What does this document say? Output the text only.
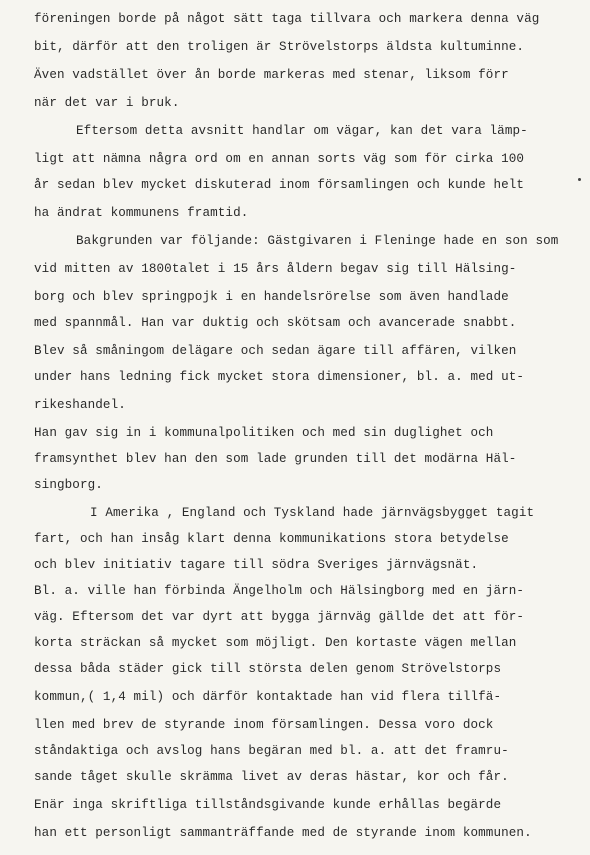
föreningen borde på något sätt taga tillvara och markera denna väg
bit, därför att den troligen är Strövelstorps äldsta kultuminne.
Även vadstället över ån borde markeras med stenar, liksom förr
när det var i bruk.
Eftersom detta avsnitt handlar om vägar, kan det vara lämp-
ligt att nämna några ord om en annan sorts väg som för cirka 100
år sedan blev mycket diskuterad inom församlingen och kunde helt
ha ändrat kommunens framtid.
Bakgrunden var följande: Gästgivaren i Fleninge hade en son som
vid mitten av 1800talet i 15 års åldern begav sig till Hälsing-
borg och blev springpojk i en handelsrörelse som även handlade
med spannmål. Han var duktig och skötsam och avancerade snabbt.
Blev så småningom delägare och sedan ägare till affären, vilken
under hans ledning fick mycket stora dimensioner, bl. a. med ut-
rikeshandel.
Han gav sig in i kommunalpolitiken och med sin duglighet och
framsynthet blev han den som lade grunden till det modärna Häl-
singborg.
I Amerika , England och Tyskland hade järnvägsbygget tagit
fart, och han insåg klart denna kommunikations stora betydelse
och blev initiativ tagare till södra Sveriges järnvägsnät.
Bl. a. ville han förbinda Ängelholm och Hälsingborg med en järn-
väg. Eftersom det var dyrt att bygga järnväg gällde det att för-
korta sträckan så mycket som möjligt. Den kortaste vägen mellan
dessa båda städer gick till största delen genom Strövelstorps
kommun,( 1,4 mil) och därför kontaktade han vid flera tillfä-
llen med brev de styrande inom församlingen. Dessa voro dock
ståndaktiga och avslog hans begäran med bl. a. att det framru-
sande tåget skulle skrämma livet av deras hästar, kor och får.
Enär inga skriftliga tillståndsgivande kunde erhållas begärde
han ett personligt sammanträffande med de styrande inom kommunen.
